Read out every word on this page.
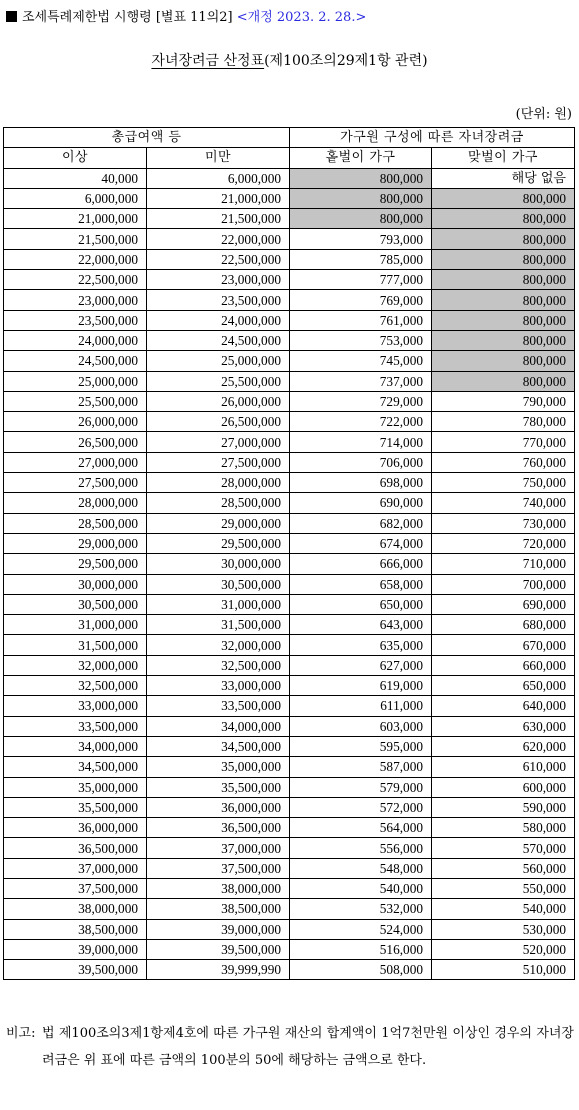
조세특례제한법 시행령 [별표 11의2] <개정 2023. 2. 28.>
자녀장려금 산정표(제100조의29제1항 관련)
(단위: 원)
총급여액 등		가구원 구성에 따른 자녀장려금	
이상	미만	홑벌이 가구	맞벌이 가구
40,000	6,000,000	800,000	해당 없음
6,000,000	21,000,000	800,000	800,000
21,000,000	21,500,000	800,000	800,000
21,500,000	22,000,000	793,000	800,000
22,000,000	22,500,000	785,000	800,000
22,500,000	23,000,000	777,000	800,000
23,000,000	23,500,000	769,000	800,000
23,500,000	24,000,000	761,000	800,000
24,000,000	24,500,000	753,000	800,000
24,500,000	25,000,000	745,000	800,000
25,000,000	25,500,000	737,000	800,000
25,500,000	26,000,000	729,000	790,000
26,000,000	26,500,000	722,000	780,000
26,500,000	27,000,000	714,000	770,000
27,000,000	27,500,000	706,000	760,000
27,500,000	28,000,000	698,000	750,000
28,000,000	28,500,000	690,000	740,000
28,500,000	29,000,000	682,000	730,000
29,000,000	29,500,000	674,000	720,000
29,500,000	30,000,000	666,000	710,000
30,000,000	30,500,000	658,000	700,000
30,500,000	31,000,000	650,000	690,000
31,000,000	31,500,000	643,000	680,000
31,500,000	32,000,000	635,000	670,000
32,000,000	32,500,000	627,000	660,000
32,500,000	33,000,000	619,000	650,000
33,000,000	33,500,000	611,000	640,000
33,500,000	34,000,000	603,000	630,000
34,000,000	34,500,000	595,000	620,000
34,500,000	35,000,000	587,000	610,000
35,000,000	35,500,000	579,000	600,000
35,500,000	36,000,000	572,000	590,000
36,000,000	36,500,000	564,000	580,000
36,500,000	37,000,000	556,000	570,000
37,000,000	37,500,000	548,000	560,000
37,500,000	38,000,000	540,000	550,000
38,000,000	38,500,000	532,000	540,000
38,500,000	39,000,000	524,000	530,000
39,000,000	39,500,000	516,000	520,000
39,500,000	39,999,990	508,000	510,000
비고: 법 제100조의3제1항제4호에 따른 가구원 재산의 합계액이 1억7천만원 이상인 경우의 자녀장려금은 위 표에 따른 금액의 100분의 50에 해당하는 금액으로 한다.
